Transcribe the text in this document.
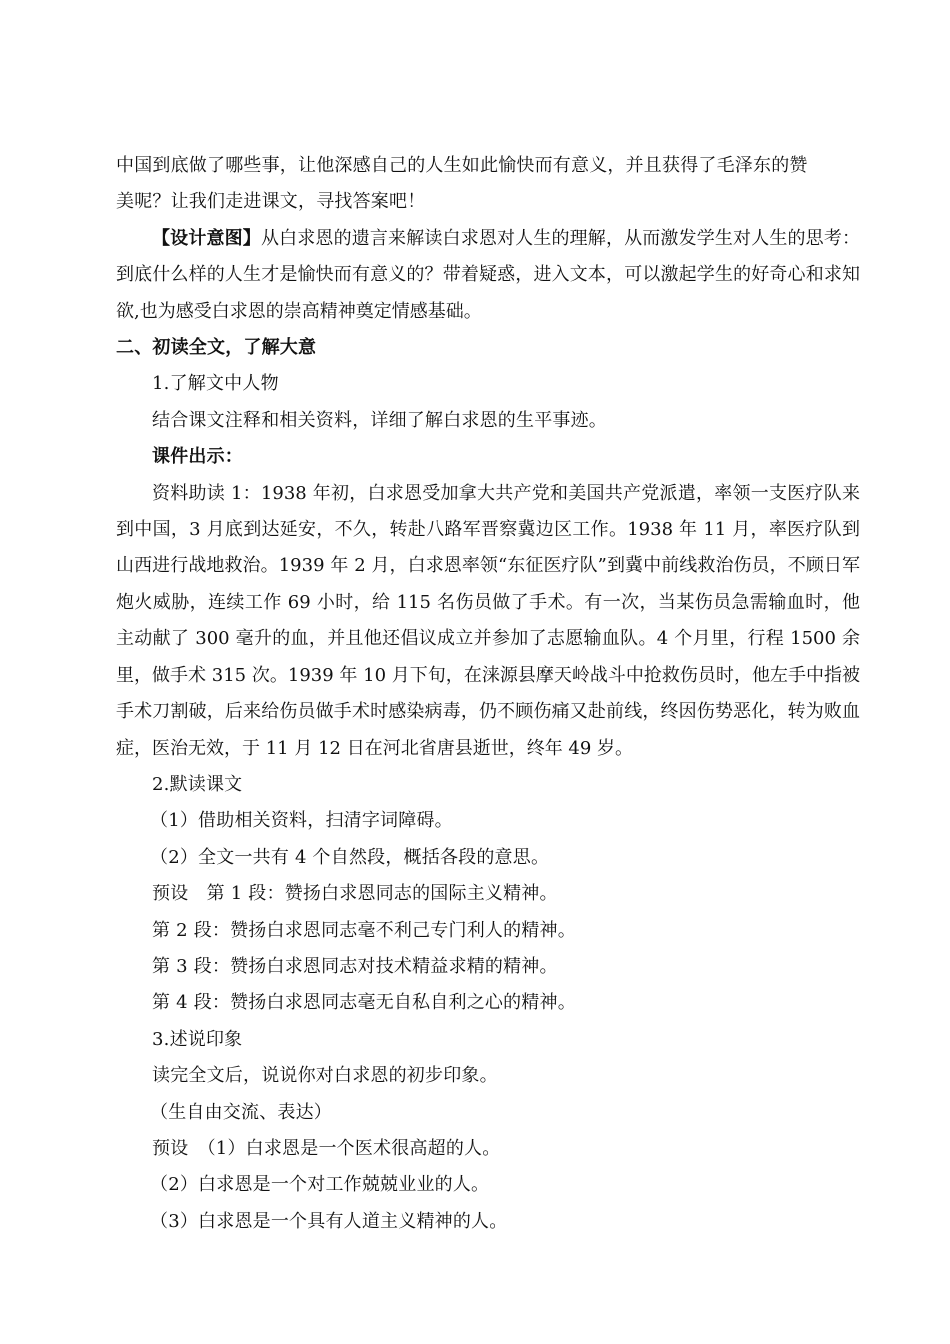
中国到底做了哪些事，让他深感自己的人生如此愉快而有意义，并且获得了毛泽东的赞

美呢？让我们走进课文，寻找答案吧！

【设计意图】从白求恩的遗言来解读白求恩对人生的理解，从而激发学生对人生的思考：到底什么样的人生才是愉快而有意义的？带着疑惑，进入文本，可以激起学生的好奇心和求知欲,也为感受白求恩的崇高精神奠定情感基础。

二、初读全文，了解大意

1.了解文中人物

结合课文注释和相关资料，详细了解白求恩的生平事迹。

课件出示：

资料助读 1：1938 年初，白求恩受加拿大共产党和美国共产党派遣，率领一支医疗队来到中国，3 月底到达延安，不久，转赴八路军晋察冀边区工作。1938 年 11 月，率医疗队到山西进行战地救治。1939 年 2 月，白求恩率领“东征医疗队”到冀中前线救治伤员，不顾日军炮火威胁，连续工作 69 小时，给 115 名伤员做了手术。有一次，当某伤员急需输血时，他主动献了 300 毫升的血，并且他还倡议成立并参加了志愿输血队。4 个月里，行程 1500 余里，做手术 315 次。1939 年 10 月下旬，在涞源县摩天岭战斗中抢救伤员时，他左手中指被手术刀割破，后来给伤员做手术时感染病毒，仍不顾伤痛又赴前线，终因伤势恶化，转为败血症，医治无效，于 11 月 12 日在河北省唐县逝世，终年 49 岁。

2.默读课文

（1）借助相关资料，扫清字词障碍。

（2）全文一共有 4 个自然段，概括各段的意思。

预设　第 1 段：赞扬白求恩同志的国际主义精神。

第 2 段：赞扬白求恩同志毫不利己专门利人的精神。

第 3 段：赞扬白求恩同志对技术精益求精的精神。

第 4 段：赞扬白求恩同志毫无自私自利之心的精神。

3.述说印象

读完全文后，说说你对白求恩的初步印象。

（生自由交流、表达）

预设　（1）白求恩是一个医术很高超的人。

（2）白求恩是一个对工作兢兢业业的人。

（3）白求恩是一个具有人道主义精神的人。
